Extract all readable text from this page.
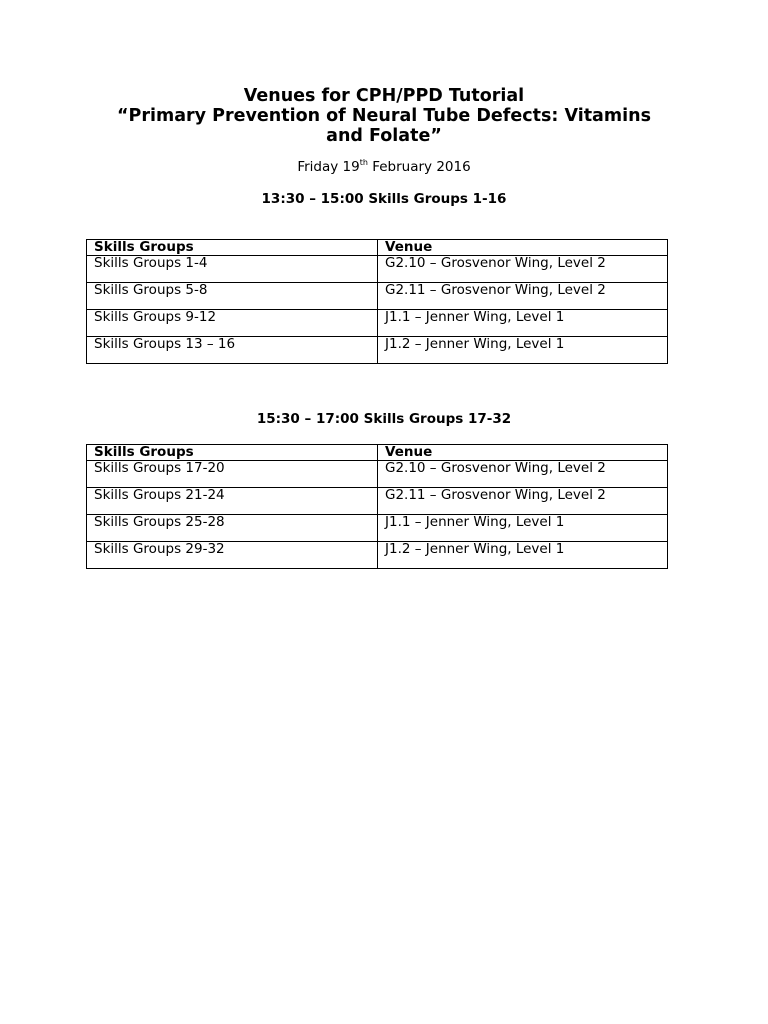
Venues for CPH/PPD Tutorial
“Primary Prevention of Neural Tube Defects: Vitamins
and Folate”
Friday 19th February 2016
13:30 – 15:00 Skills Groups 1-16
Skills Groups	Venue
Skills Groups 1-4	G2.10 – Grosvenor Wing, Level 2
Skills Groups 5-8	G2.11 – Grosvenor Wing, Level 2
Skills Groups 9-12	J1.1 – Jenner Wing, Level 1
Skills Groups 13 – 16	J1.2 – Jenner Wing, Level 1
15:30 – 17:00 Skills Groups 17-32
Skills Groups	Venue
Skills Groups 17-20	G2.10 – Grosvenor Wing, Level 2
Skills Groups 21-24	G2.11 – Grosvenor Wing, Level 2
Skills Groups 25-28	J1.1 – Jenner Wing, Level 1
Skills Groups 29-32	J1.2 – Jenner Wing, Level 1
